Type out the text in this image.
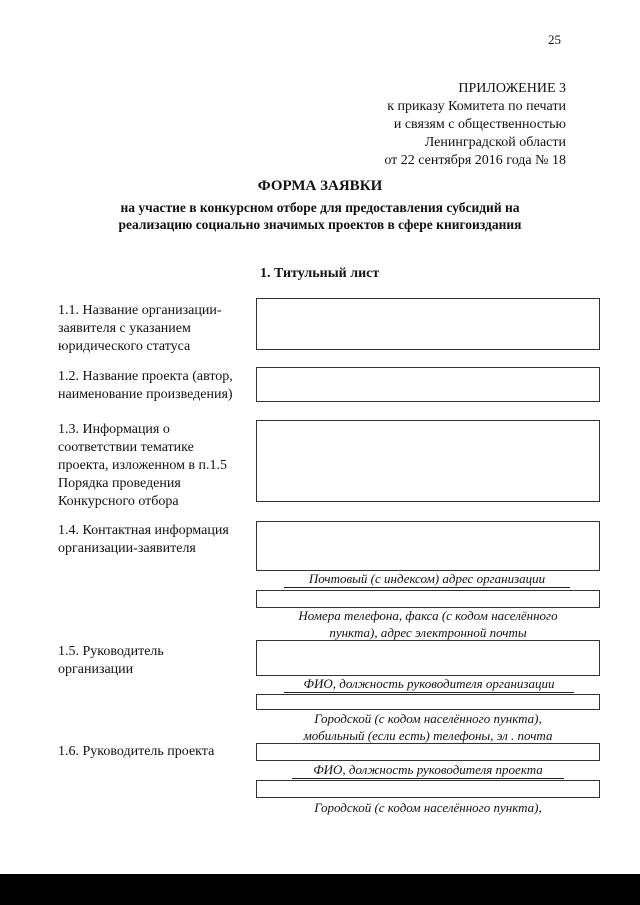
25
ПРИЛОЖЕНИЕ 3
к приказу Комитета по печати
и связям с общественностью
Ленинградской области
от 22 сентября 2016 года № 18
ФОРМА ЗАЯВКИ
на участие в конкурсном отборе для предоставления субсидий на
реализацию социально значимых проектов в сфере книгоиздания
1. Титульный лист
1.1. Название организации-
заявителя с указанием
юридического статуса
1.2. Название проекта (автор,
наименование произведения)
1.3. Информация о
соответствии тематике
проекта, изложенном в п.1.5
Порядка проведения
Конкурсного отбора
1.4. Контактная информация
организации-заявителя
Почтовый (с индексом) адрес организации
Номера телефона, факса (с кодом населённого
пункта), адрес электронной почты
1.5. Руководитель
организации
ФИО, должность руководителя организации
Городской (с кодом населённого пункта),
мобильный (если есть) телефоны, эл . почта
1.6. Руководитель проекта
ФИО, должность руководителя проекта
Городской (с кодом населённого пункта),
